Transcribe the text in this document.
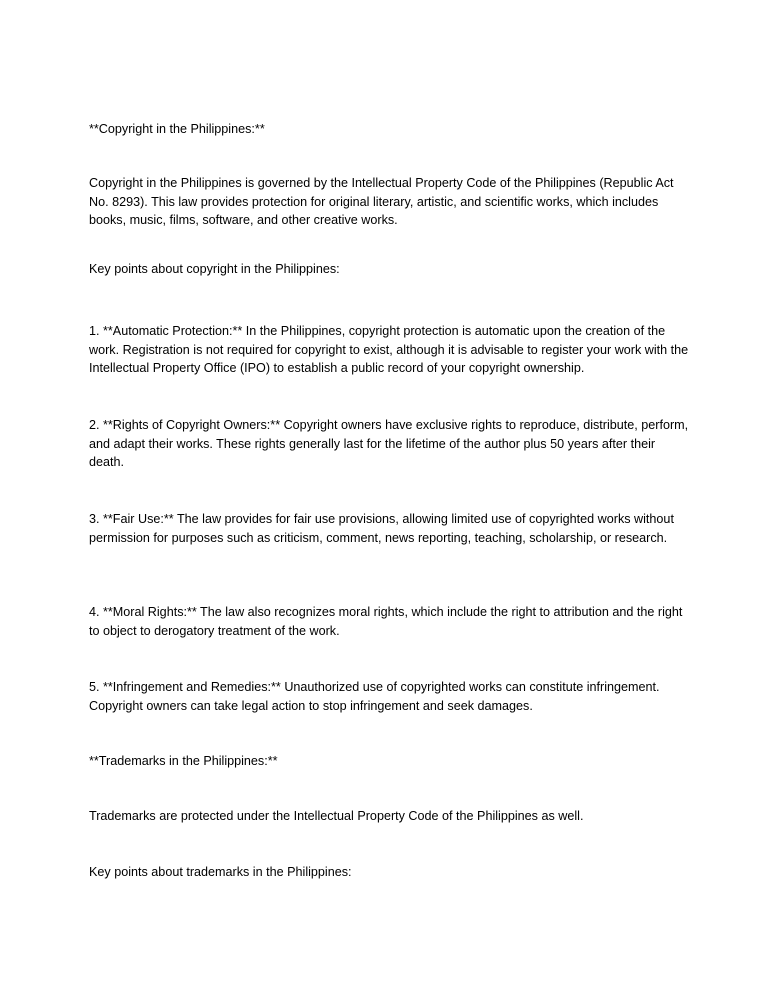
**Copyright in the Philippines:**

Copyright in the Philippines is governed by the Intellectual Property Code of the Philippines (Republic Act No. 8293). This law provides protection for original literary, artistic, and scientific works, which includes books, music, films, software, and other creative works.

Key points about copyright in the Philippines:

1. **Automatic Protection:** In the Philippines, copyright protection is automatic upon the creation of the work. Registration is not required for copyright to exist, although it is advisable to register your work with the Intellectual Property Office (IPO) to establish a public record of your copyright ownership.

2. **Rights of Copyright Owners:** Copyright owners have exclusive rights to reproduce, distribute, perform, and adapt their works. These rights generally last for the lifetime of the author plus 50 years after their death.

3. **Fair Use:** The law provides for fair use provisions, allowing limited use of copyrighted works without permission for purposes such as criticism, comment, news reporting, teaching, scholarship, or research.

4. **Moral Rights:** The law also recognizes moral rights, which include the right to attribution and the right to object to derogatory treatment of the work.

5. **Infringement and Remedies:** Unauthorized use of copyrighted works can constitute infringement. Copyright owners can take legal action to stop infringement and seek damages.

**Trademarks in the Philippines:**

Trademarks are protected under the Intellectual Property Code of the Philippines as well.

Key points about trademarks in the Philippines:
